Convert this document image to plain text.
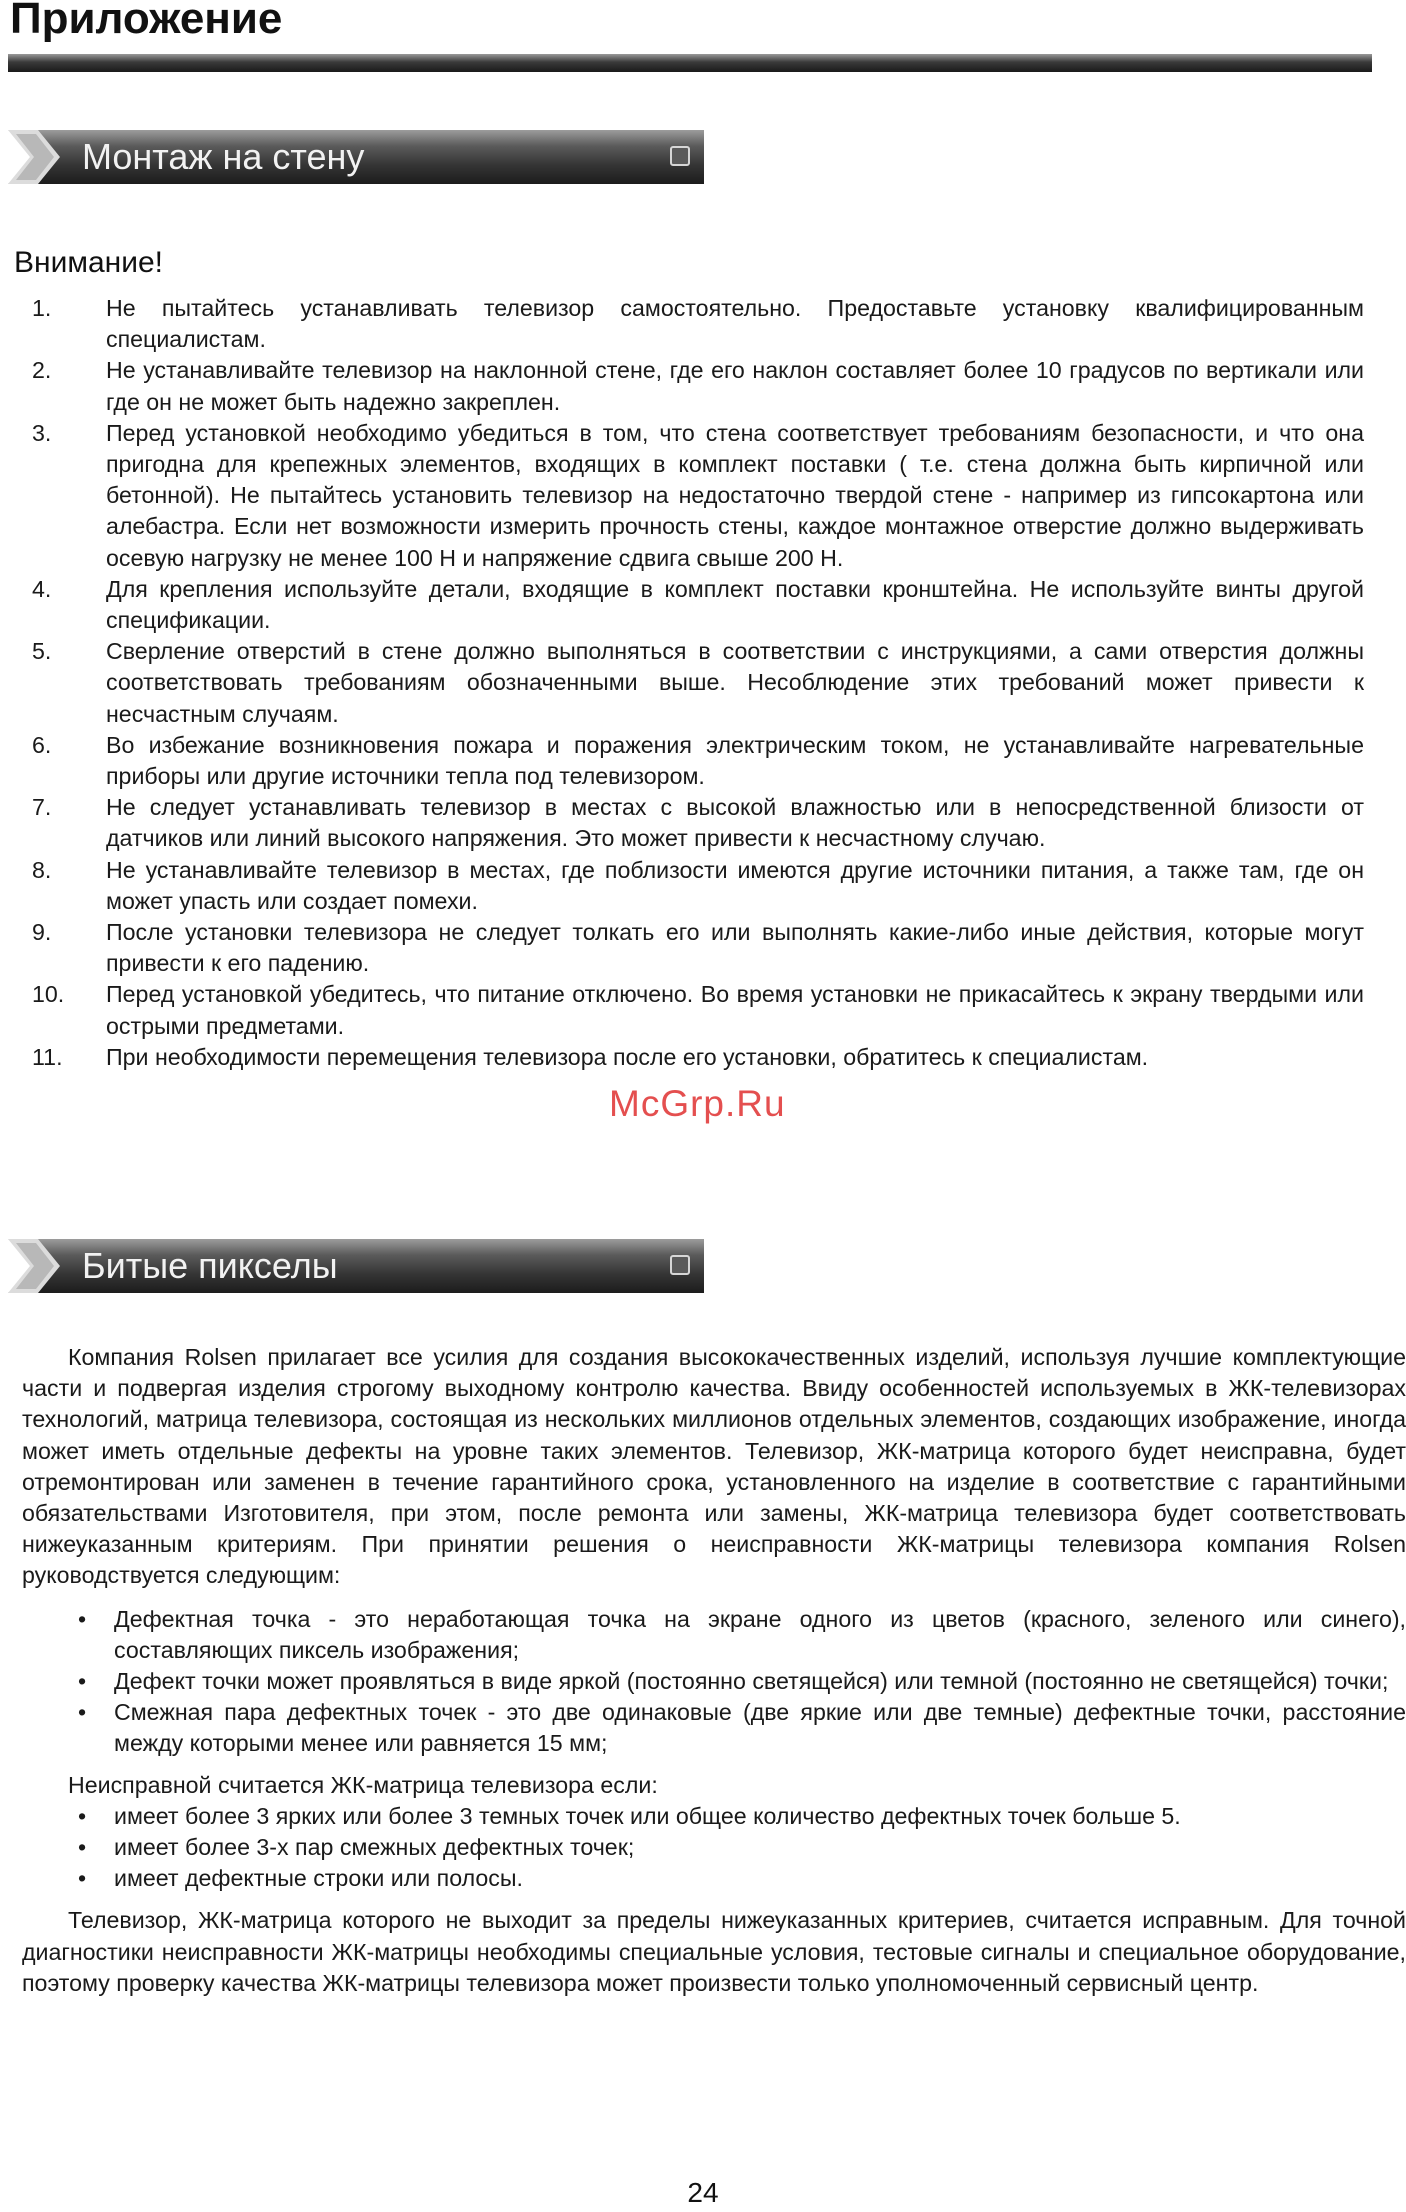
Приложение
Монтаж на стену
Внимание!
1. Не пытайтесь устанавливать телевизор самостоятельно. Предоставьте установку квалифицированным специалистам.
2. Не устанавливайте телевизор на наклонной стене, где его наклон составляет более 10 градусов по вертикали или где он не может быть надежно закреплен.
3. Перед установкой необходимо убедиться в том, что стена соответствует требованиям безопасности, и что она пригодна для крепежных элементов, входящих в комплект поставки ( т.е. стена должна быть кирпичной или бетонной). Не пытайтесь установить телевизор на недостаточно твердой стене - например из гипсокартона или алебастра. Если нет возможности измерить прочность стены, каждое монтажное отверстие должно выдерживать осевую нагрузку не менее 100 Н и напряжение сдвига свыше 200 Н.
4. Для крепления используйте детали, входящие в комплект поставки кронштейна. Не используйте винты другой спецификации.
5. Сверление отверстий в стене должно выполняться в соответствии с инструкциями, а сами отверстия должны соответствовать требованиям обозначенными выше. Несоблюдение этих требований может привести к несчастным случаям.
6. Во избежание возникновения пожара и поражения электрическим током, не устанавливайте нагревательные приборы или другие источники тепла под телевизором.
7. Не следует устанавливать телевизор в местах с высокой влажностью или в непосредственной близости от датчиков или линий высокого напряжения. Это может привести к несчастному случаю.
8. Не устанавливайте телевизор в местах, где поблизости имеются другие источники питания, а также там, где он может упасть или создает помехи.
9. После установки телевизора не следует толкать его или выполнять какие-либо иные действия, которые могут привести к его падению.
10. Перед установкой убедитесь, что питание отключено. Во время установки не прикасайтесь к экрану твердыми или острыми предметами.
11. При необходимости перемещения телевизора после его установки, обратитесь к специалистам.
McGrp.Ru
Битые пикселы

Компания Rolsen прилагает все усилия для создания высококачественных изделий, используя лучшие комплектующие части и подвергая изделия строгому выходному контролю качества. Ввиду особенностей используемых в ЖК-телевизорах технологий, матрица телевизора, состоящая из нескольких миллионов отдельных элементов, создающих изображение, иногда может иметь отдельные дефекты на уровне таких элементов. Телевизор, ЖК-матрица которого будет неисправна, будет отремонтирован или заменен в течение гарантийного срока, установленного на изделие в соответствие с гарантийными обязательствами Изготовителя, при этом, после ремонта или замены, ЖК-матрица телевизора будет соответствовать нижеуказанным критериям. При принятии решения о неисправности ЖК-матрицы телевизора компания Rolsen руководствуется следующим:

• Дефектная точка - это неработающая точка на экране одного из цветов (красного, зеленого или синего), составляющих пиксель изображения;
• Дефект точки может проявляться в виде яркой (постоянно светящейся) или темной (постоянно не светящейся) точки;
• Смежная пара дефектных точек - это две одинаковые (две яркие или две темные) дефектные точки, расстояние между которыми менее или равняется 15 мм;

Неисправной считается ЖК-матрица телевизора если:

• имеет более 3 ярких или более 3 темных точек или общее количество дефектных точек больше 5.
• имеет более 3-х пар смежных дефектных точек;
• имеет дефектные строки или полосы.

Телевизор, ЖК-матрица которого не выходит за пределы нижеуказанных критериев, считается исправным. Для точной диагностики неисправности ЖК-матрицы необходимы специальные условия, тестовые сигналы и специальное оборудование, поэтому проверку качества ЖК-матрицы телевизора может произвести только уполномоченный сервисный центр.

24
